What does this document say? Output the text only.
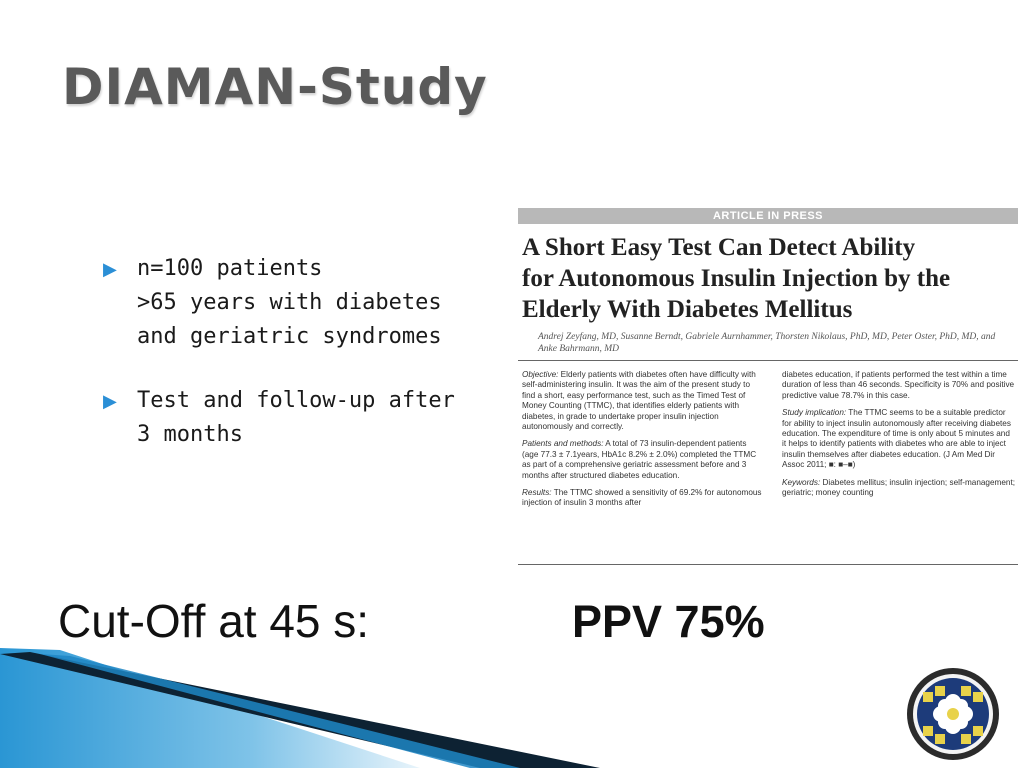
DIAMAN-Study
▶ n=100 patients
>65 years with diabetes
and geriatric syndromes
▶ Test and follow-up after
3 months
ARTICLE IN PRESS
A Short Easy Test Can Detect Ability
for Autonomous Insulin Injection by the
Elderly With Diabetes Mellitus
Andrej Zeyfang, MD, Susanne Berndt, Gabriele Aurnhammer, Thorsten Nikolaus, PhD, MD, Peter Oster, PhD, MD, and Anke Bahrmann, MD

Objective: Elderly patients with diabetes often have difficulty with self-administering insulin. It was the aim of the present study to find a short, easy performance test, such as the Timed Test of Money Counting (TTMC), that identifies elderly patients with diabetes, in grade to undertake proper insulin injection autonomously and correctly.

Patients and methods: A total of 73 insulin-dependent patients (age 77.3 ± 7.1years, HbA1c 8.2% ± 2.0%) completed the TTMC as part of a comprehensive geriatric assessment before and 3 months after structured diabetes education.

Results: The TTMC showed a sensitivity of 69.2% for autonomous injection of insulin 3 months after

diabetes education, if patients performed the test within a time duration of less than 46 seconds. Specificity is 70% and positive predictive value 78.7% in this case.

Study implication: The TTMC seems to be a suitable predictor for ability to inject insulin autonomously after receiving diabetes education. The expenditure of time is only about 5 minutes and it helps to identify patients with diabetes who are able to inject insulin themselves after diabetes education. (J Am Med Dir Assoc 2011; ■: ■–■)

Keywords: Diabetes mellitus; insulin injection; self-management; geriatric; money counting

Cut-Off at 45 s:	PPV 75%
